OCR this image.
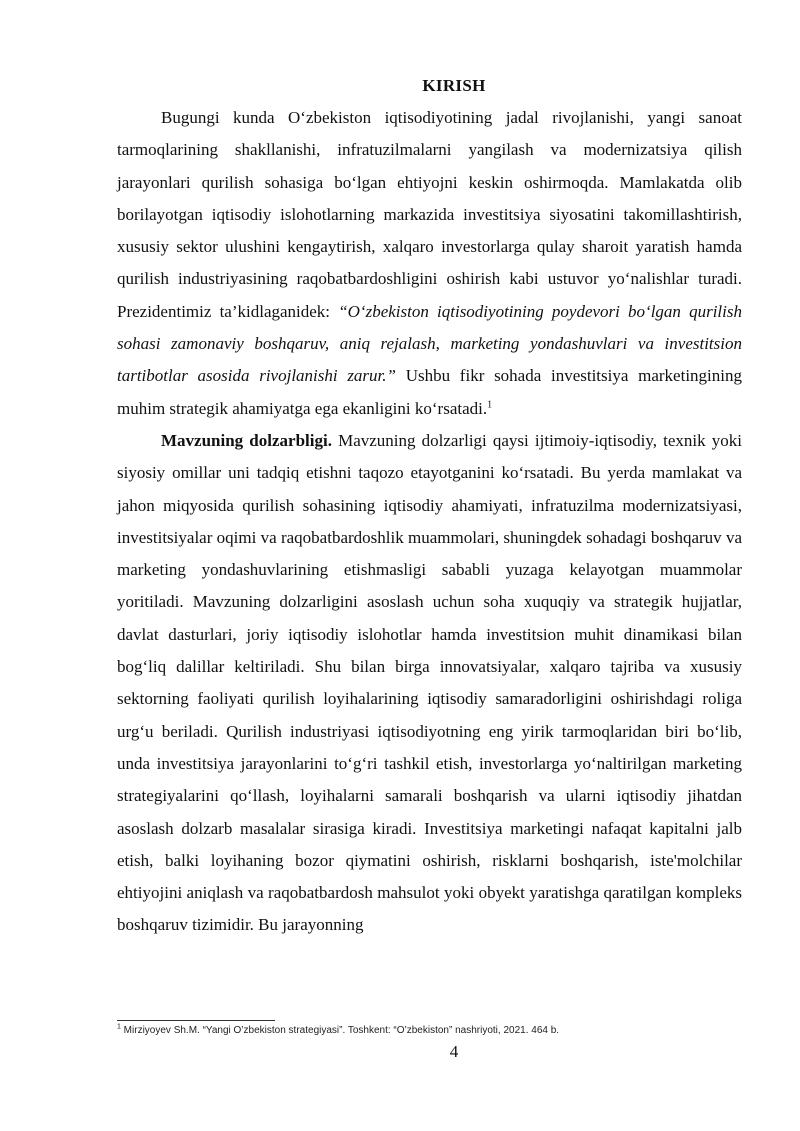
KIRISH

Bugungi kunda O‘zbekiston iqtisodiyotining jadal rivojlanishi, yangi sanoat tarmoqlarining shakllanishi, infratuzilmalarni yangilash va modernizatsiya qilish jarayonlari qurilish sohasiga bo‘lgan ehtiyojni keskin oshirmoqda. Mamlakatda olib borilayotgan iqtisodiy islohotlarning markazida investitsiya siyosatini takomillashtirish, xususiy sektor ulushini kengaytirish, xalqaro investorlarga qulay sharoit yaratish hamda qurilish industriyasining raqobatbardoshligini oshirish kabi ustuvor yo‘nalishlar turadi. Prezidentimiz ta’kidlaganidek: “O‘zbekiston iqtisodiyotining poydevori bo‘lgan qurilish sohasi zamonaviy boshqaruv, aniq rejalash, marketing yondashuvlari va investitsion tartibotlar asosida rivojlanishi zarur.” Ushbu fikr sohada investitsiya marketingining muhim strategik ahamiyatga ega ekanligini ko‘rsatadi.$^1$

Mavzuning dolzarbligi. Mavzuning dolzarligi qaysi ijtimoiy-iqtisodiy, texnik yoki siyosiy omillar uni tadqiq etishni taqozo etayotganini ko‘rsatadi. Bu yerda mamlakat va jahon miqyosida qurilish sohasining iqtisodiy ahamiyati, infratuzilma modernizatsiyasi, investitsiyalar oqimi va raqobatbardoshlik muammolari, shuningdek sohadagi boshqaruv va marketing yondashuvlarining etishmasligi sababli yuzaga kelayotgan muammolar yoritiladi. Mavzuning dolzarligini asoslash uchun soha xuquqiy va strategik hujjatlar, davlat dasturlari, joriy iqtisodiy islohotlar hamda investitsion muhit dinamikasi bilan bog‘liq dalillar keltiriladi. Shu bilan birga innovatsiyalar, xalqaro tajriba va xususiy sektorning faoliyati qurilish loyihalarining iqtisodiy samaradorligini oshirishdagi roliga urg‘u beriladi. Qurilish industriyasi iqtisodiyotning eng yirik tarmoqlaridan biri bo‘lib, unda investitsiya jarayonlarini to‘g‘ri tashkil etish, investorlarga yo‘naltirilgan marketing strategiyalarini qo‘llash, loyihalarni samarali boshqarish va ularni iqtisodiy jihatdan asoslash dolzarb masalalar sirasiga kiradi. Investitsiya marketingi nafaqat kapitalni jalb etish, balki loyihaning bozor qiymatini oshirish, risklarni boshqarish, iste'molchilar ehtiyojini aniqlash va raqobatbardosh mahsulot yoki obyekt yaratishga qaratilgan kompleks boshqaruv tizimidir. Bu jarayonning

$^1$ Mirziyoyev Sh.M. “Yangi O’zbekiston strategiyasi”. Toshkent: “O’zbekiston” nashriyoti, 2021. 464 b.
4
